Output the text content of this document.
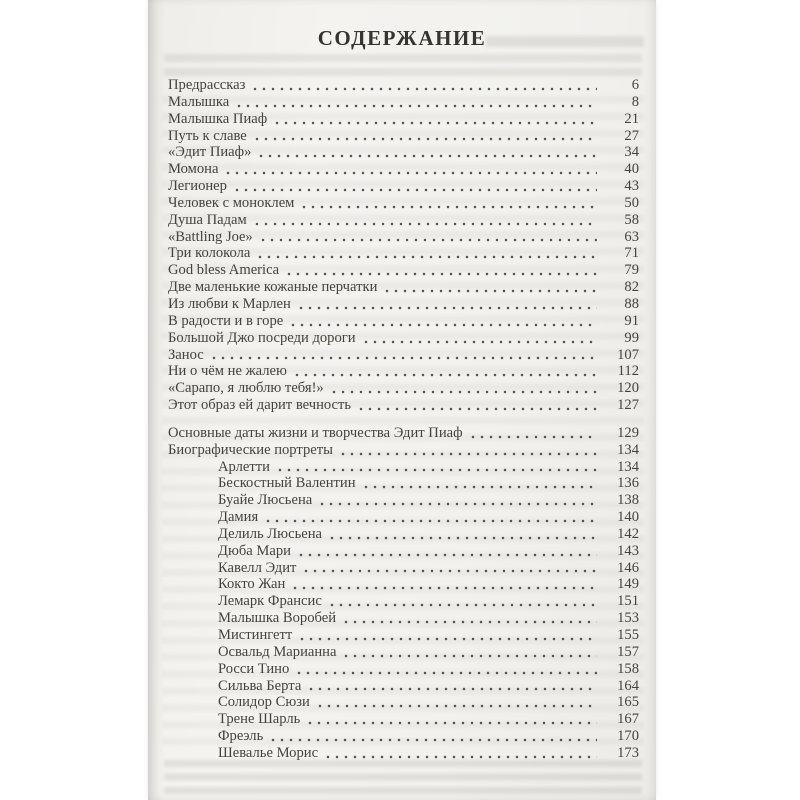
СОДЕРЖАНИЕ
Предрассказ	6
Малышка	8
Малышка Пиаф	21
Путь к славе	27
«Эдит Пиаф»	34
Момона	40
Легионер	43
Человек с моноклем	50
Душа Падам	58
«Battling Joe»	63
Три колокола	71
God bless America	79
Две маленькие кожаные перчатки	82
Из любви к Марлен	88
В радости и в горе	91
Большой Джо посреди дороги	99
Занос	107
Ни о чём не жалею	112
«Сарапо, я люблю тебя!»	120
Этот образ ей дарит вечность	127
Основные даты жизни и творчества Эдит Пиаф	129
Биографические портреты	134
Арлетти	134
Бескостный Валентин	136
Буайе Люсьена	138
Дамия	140
Делиль Люсьена	142
Дюба Мари	143
Кавелл Эдит	146
Кокто Жан	149
Лемарк Франсис	151
Малышка Воробей	153
Мистингетт	155
Освальд Марианна	157
Росси Тино	158
Сильва Берта	164
Солидор Сюзи	165
Трене Шарль	167
Фреэль	170
Шевалье Морис	173
